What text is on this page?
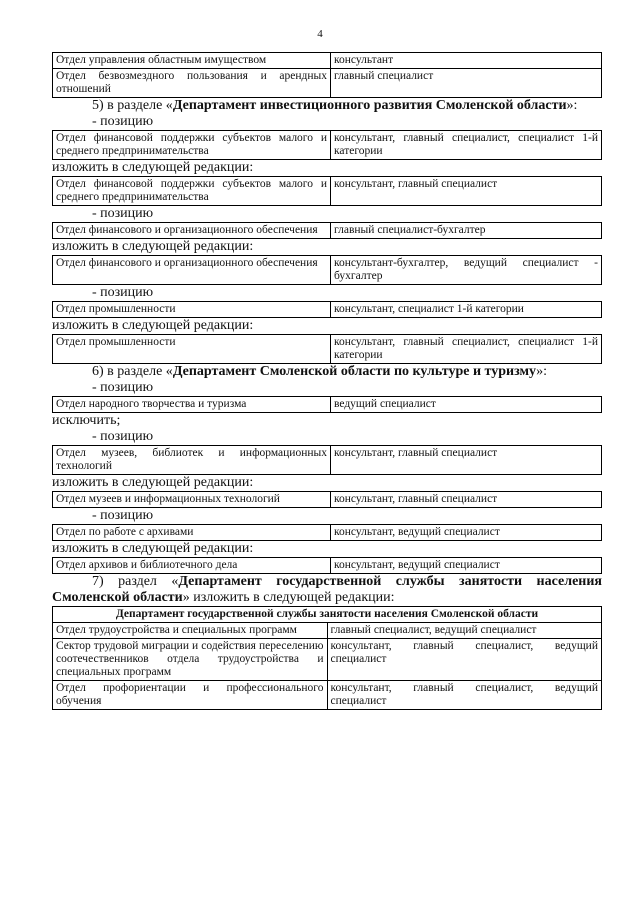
4
Отдел управления областным имуществом	консультант
Отдел безвозмездного пользования и арендных отношений	главный специалист

5) в разделе «Департамент инвестиционного развития Смоленской области»:

- позицию

Отдел финансовой поддержки субъектов малого и среднего предпринимательства	консультант, главный специалист, специалист 1-й категории

изложить в следующей редакции:

Отдел финансовой поддержки субъектов малого и среднего предпринимательства	консультант, главный специалист

- позицию

Отдел финансового и организационного обеспечения	главный специалист-бухгалтер

изложить в следующей редакции:

Отдел финансового и организационного обеспечения	консультант-бухгалтер, ведущий специалист - бухгалтер

- позицию

Отдел промышленности	консультант, специалист 1-й категории

изложить в следующей редакции:

Отдел промышленности	консультант, главный специалист, специалист 1-й категории

6) в разделе «Департамент Смоленской области по культуре и туризму»:

- позицию

Отдел народного творчества и туризма	ведущий специалист

исключить;

- позицию

Отдел музеев, библиотек и информационных технологий	консультант, главный специалист

изложить в следующей редакции:

Отдел музеев и информационных технологий	консультант, главный специалист

- позицию

Отдел по работе с архивами	консультант, ведущий специалист

изложить в следующей редакции:

Отдел архивов и библиотечного дела	консультант, ведущий специалист

7) раздел «Департамент государственной службы занятости населения Смоленской области» изложить в следующей редакции:

Департамент государственной службы занятости населения Смоленской области	
Отдел трудоустройства и специальных программ	главный специалист, ведущий специалист
Сектор трудовой миграции и содействия переселению соотечественников отдела трудоустройства и специальных программ	консультант, главный специалист, ведущий специалист
Отдел профориентации и профессионального обучения	консультант, главный специалист, ведущий специалист
